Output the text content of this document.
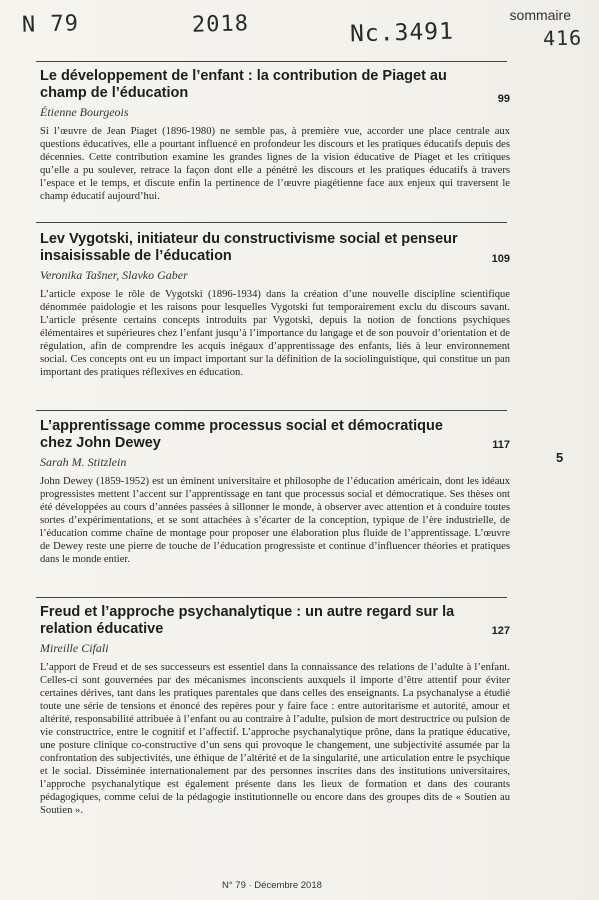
N 79	2018	Nc.3491	416
sommaire
Le développement de l’enfant : la contribution de Piaget au champ de l’éducation	99
Étienne Bourgeois
Si l’œuvre de Jean Piaget (1896-1980) ne semble pas, à première vue, accorder une place centrale aux questions éducatives, elle a pourtant influencé en profondeur les discours et les pratiques éducatifs depuis des décennies. Cette contribution examine les grandes lignes de la vision éducative de Piaget et les critiques qu’elle a pu soulever, retrace la façon dont elle a pénétré les discours et les pratiques éducatifs à travers l’espace et le temps, et discute enfin la pertinence de l’œuvre piagétienne face aux enjeux qui traversent le champ éducatif aujourd’hui.
Lev Vygotski, initiateur du constructivisme social et penseur insaisissable de l’éducation	109
Veronika Tašner, Slavko Gaber
L’article expose le rôle de Vygotski (1896-1934) dans la création d’une nouvelle discipline scientifique dénommée paidologie et les raisons pour lesquelles Vygotski fut temporairement exclu du discours savant. L’article présente certains concepts introduits par Vygotski, depuis la notion de fonctions psychiques élémentaires et supérieures chez l’enfant jusqu’à l’importance du langage et de son pouvoir d’orientation et de régulation, afin de comprendre les acquis inégaux d’apprentissage des enfants, liés à leur environnement social. Ces concepts ont eu un impact important sur la définition de la sociolinguistique, qui constitue un pan important des pratiques réflexives en éducation.
L’apprentissage comme processus social et démocratique chez John Dewey	117
Sarah M. Stitzlein
John Dewey (1859-1952) est un éminent universitaire et philosophe de l’éducation américain, dont les idéaux progressistes mettent l’accent sur l’apprentissage en tant que processus social et démocratique. Ses thèses ont été développées au cours d’années passées à sillonner le monde, à observer avec attention et à conduire toutes sortes d’expérimentations, et se sont attachées à s’écarter de la conception, typique de l’ère industrielle, de l’éducation comme chaîne de montage pour proposer une élaboration plus fluide de l’apprentissage. L’œuvre de Dewey reste une pierre de touche de l’éducation progressiste et continue d’influencer théories et pratiques dans le monde entier.
5
Freud et l’approche psychanalytique : un autre regard sur la relation éducative	127
Mireille Cifali
L’apport de Freud et de ses successeurs est essentiel dans la connaissance des relations de l’adulte à l’enfant. Celles-ci sont gouvernées par des mécanismes inconscients auxquels il importe d’être attentif pour éviter certaines dérives, tant dans les pratiques parentales que dans celles des enseignants. La psychanalyse a étudié toute une série de tensions et énoncé des repères pour y faire face : entre autoritarisme et autorité, amour et altérité, responsabilité attribuée à l’enfant ou au contraire à l’adulte, pulsion de mort destructrice ou pulsion de vie constructrice, entre le cognitif et l’affectif. L’approche psychanalytique prône, dans la pratique éducative, une posture clinique co-constructive d’un sens qui provoque le changement, une subjectivité assumée par la confrontation des subjectivités, une éthique de l’altérité et de la singularité, une articulation entre le psychique et le social. Disséminée internationalement par des personnes inscrites dans des institutions universitaires, l’approche psychanalytique est également présente dans les lieux de formation et dans des courants pédagogiques, comme celui de la pédagogie institutionnelle ou encore dans des groupes dits de « Soutien au Soutien ».
N° 79 · Décembre 2018
